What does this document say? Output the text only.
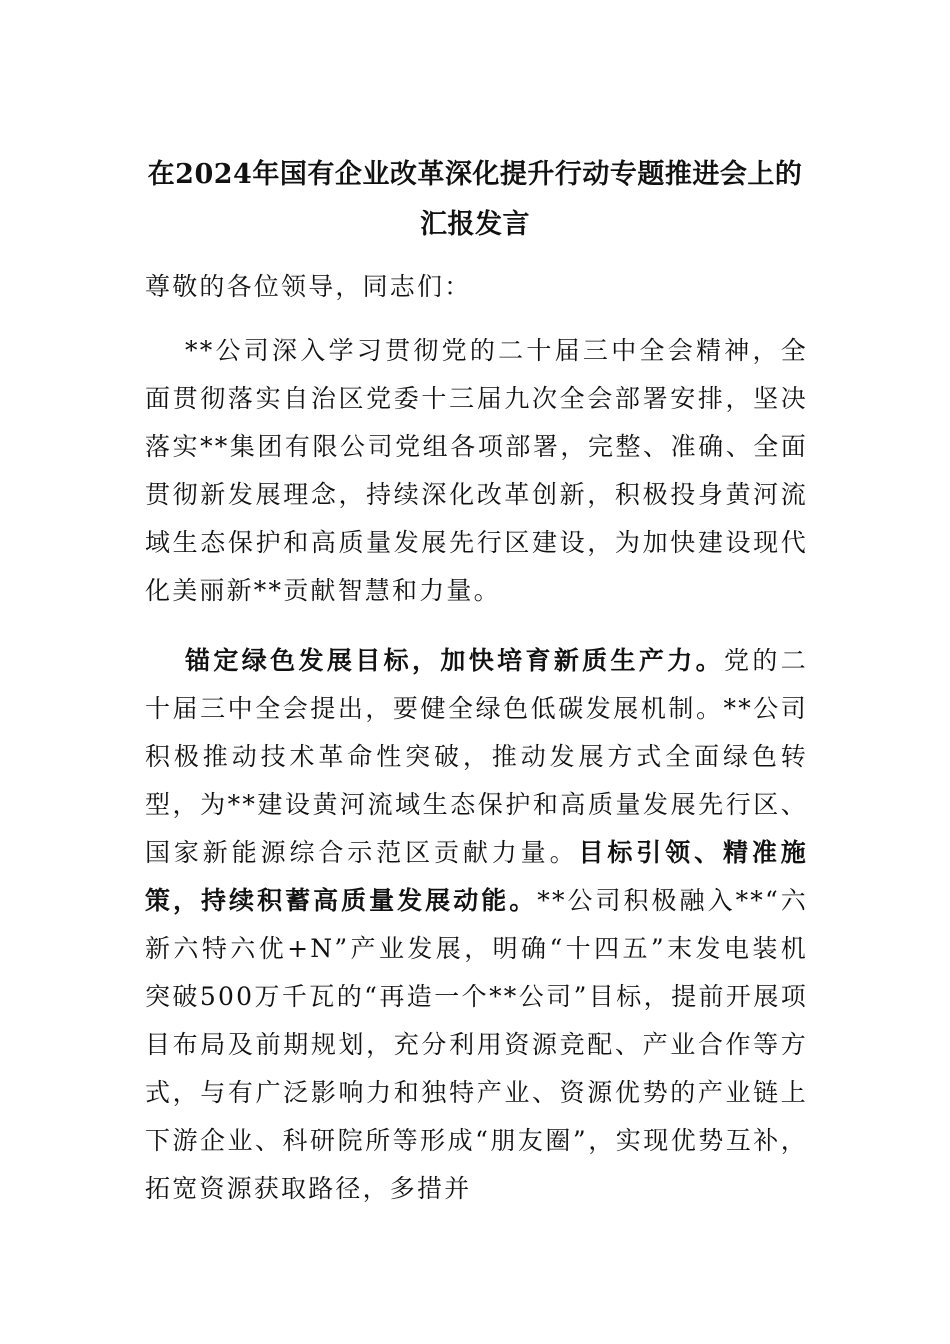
在2024年国有企业改革深化提升行动专题推进会上的汇报发言
尊敬的各位领导，同志们：
**公司深入学习贯彻党的二十届三中全会精神，全面贯彻落实自治区党委十三届九次全会部署安排，坚决落实**集团有限公司党组各项部署，完整、准确、全面贯彻新发展理念，持续深化改革创新，积极投身黄河流域生态保护和高质量发展先行区建设，为加快建设现代化美丽新**贡献智慧和力量。
锚定绿色发展目标，加快培育新质生产力。党的二十届三中全会提出，要健全绿色低碳发展机制。**公司积极推动技术革命性突破，推动发展方式全面绿色转型，为**建设黄河流域生态保护和高质量发展先行区、国家新能源综合示范区贡献力量。目标引领、精准施策，持续积蓄高质量发展动能。**公司积极融入**“六新六特六优+N”产业发展，明确“十四五”末发电装机突破500万千瓦的“再造一个**公司”目标，提前开展项目布局及前期规划，充分利用资源竞配、产业合作等方式，与有广泛影响力和独特产业、资源优势的产业链上下游企业、科研院所等形成“朋友圈”，实现优势互补，拓宽资源获取路径，多措并
